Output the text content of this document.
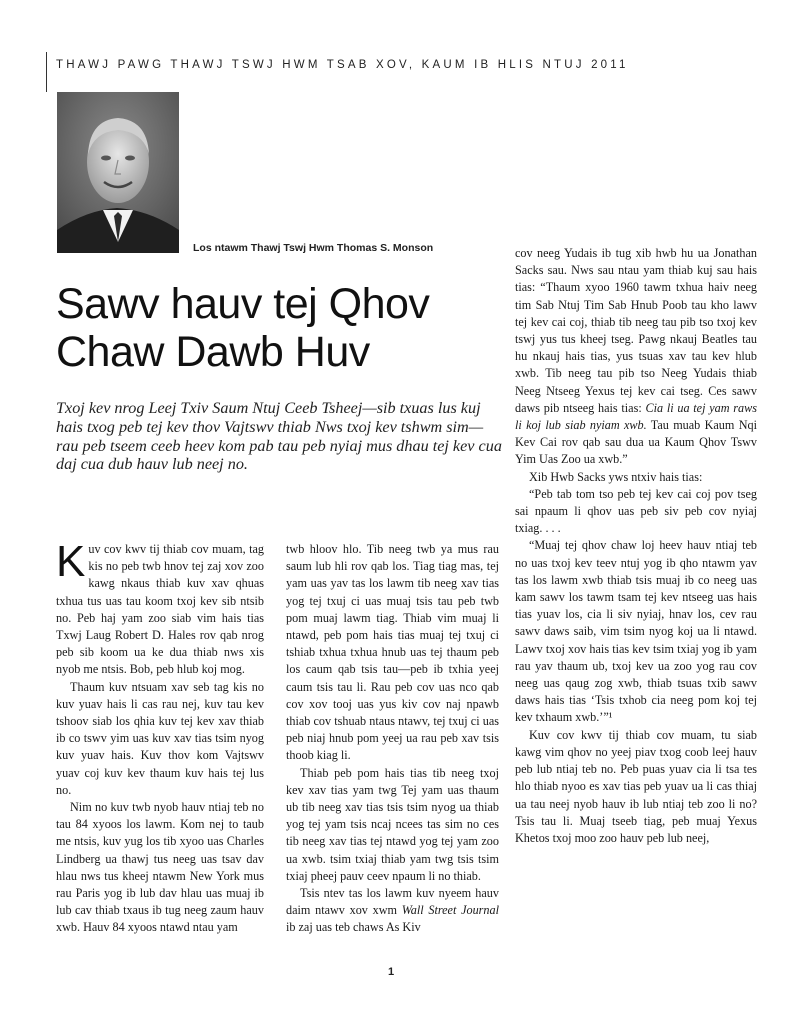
THAWJ PAWG THAWJ TSWJ HWM TSAB XOV, KAUM IB HLIS NTUJ 2011
Los ntawm Thawj Tswj Hwm Thomas S. Monson
Sawv hauv tej Qhov
Chaw Dawb Huv

Txoj kev nrog Leej Txiv Saum Ntuj Ceeb Tsheej—sib txuas lus kuj hais txog peb tej kev thov Vajtswv thiab Nws txoj kev tshwm sim—rau peb tseem ceeb heev kom pab tau peb nyiaj mus dhau tej kev cua daj cua dub hauv lub neej no.

Kuv cov kwv tij thiab cov muam, tag kis no peb twb hnov tej zaj xov zoo kawg nkaus thiab kuv xav qhuas txhua tus uas tau koom txoj kev sib ntsib no. Peb haj yam zoo siab vim hais tias Txwj Laug Robert D. Hales rov qab nrog peb sib koom ua ke dua thiab nws xis nyob me ntsis. Bob, peb hlub koj mog.

Thaum kuv ntsuam xav seb tag kis no kuv yuav hais li cas rau nej, kuv tau kev tshoov siab los qhia kuv tej kev xav thiab ib co tswv yim uas kuv xav tias tsim nyog kuv yuav hais. Kuv thov kom Vajtswv yuav coj kuv kev thaum kuv hais tej lus no.

Nim no kuv twb nyob hauv ntiaj teb no tau 84 xyoos los lawm. Kom nej to taub me ntsis, kuv yug los tib xyoo uas Charles Lindberg ua thawj tus neeg uas tsav dav hlau nws tus kheej ntawm New York mus rau Paris yog ib lub dav hlau uas muaj ib lub cav thiab txaus ib tug neeg zaum hauv xwb. Hauv 84 xyoos ntawd ntau yam

twb hloov hlo. Tib neeg twb ya mus rau saum lub hli rov qab los. Tiag tiag mas, tej yam uas yav tas los lawm tib neeg xav tias yog tej txuj ci uas muaj tsis tau peb twb pom muaj lawm tiag. Thiab vim muaj li ntawd, peb pom hais tias muaj tej txuj ci tshiab txhua txhua hnub uas tej thaum peb los caum qab tsis tau—peb ib txhia yeej caum tsis tau li. Rau peb cov uas nco qab cov xov tooj uas yus kiv cov naj npawb thiab cov tshuab ntaus ntawv, tej txuj ci uas peb niaj hnub pom yeej ua rau peb xav tsis thoob kiag li.

Thiab peb pom hais tias tib neeg txoj kev xav tias yam twg Tej yam uas thaum ub tib neeg xav tias tsis tsim nyog ua thiab yog tej yam tsis ncaj ncees tas sim no ces tib neeg xav tias tej ntawd yog tej yam zoo ua xwb. tsim txiaj thiab yam twg tsis tsim txiaj pheej pauv ceev npaum li no thiab.

Tsis ntev tas los lawm kuv nyeem hauv daim ntawv xov xwm Wall Street Journal ib zaj uas teb chaws As Kiv

cov neeg Yudais ib tug xib hwb hu ua Jonathan Sacks sau. Nws sau ntau yam thiab kuj sau hais tias: “Thaum xyoo 1960 tawm txhua haiv neeg tim Sab Ntuj Tim Sab Hnub Poob tau kho lawv tej kev cai coj, thiab tib neeg tau pib tso txoj kev tswj yus tus kheej tseg. Pawg nkauj Beatles tau hu nkauj hais tias, yus tsuas xav tau kev hlub xwb. Tib neeg tau pib tso Neeg Yudais thiab Neeg Ntseeg Yexus tej kev cai tseg. Ces sawv daws pib ntseeg hais tias: Cia li ua tej yam raws li koj lub siab nyiam xwb. Tau muab Kaum Nqi Kev Cai rov qab sau dua ua Kaum Qhov Tswv Yim Uas Zoo ua xwb.”

Xib Hwb Sacks yws ntxiv hais tias:

“Peb tab tom tso peb tej kev cai coj pov tseg sai npaum li qhov uas peb siv peb cov nyiaj txiag. . . .

“Muaj tej qhov chaw loj heev hauv ntiaj teb no uas txoj kev teev ntuj yog ib qho ntawm yav tas los lawm xwb thiab tsis muaj ib co neeg uas kam sawv los tawm tsam tej kev ntseeg uas hais tias yuav los, cia li siv nyiaj, hnav los, cev rau sawv daws saib, vim tsim nyog koj ua li ntawd. Lawv txoj xov hais tias kev tsim txiaj yog ib yam rau yav thaum ub, txoj kev ua zoo yog rau cov neeg uas qaug zog xwb, thiab tsuas txib sawv daws hais tias ‘Tsis txhob cia neeg pom koj tej kev txhaum xwb.’”¹

Kuv cov kwv tij thiab cov muam, tu siab kawg vim qhov no yeej piav txog coob leej hauv peb lub ntiaj teb no. Peb puas yuav cia li tsa tes hlo thiab nyoo es xav tias peb yuav ua li cas thiaj ua tau neej nyob hauv ib lub ntiaj teb zoo li no? Tsis tau li. Muaj tseeb tiag, peb muaj Yexus Khetos txoj moo zoo hauv peb lub neej,

1
